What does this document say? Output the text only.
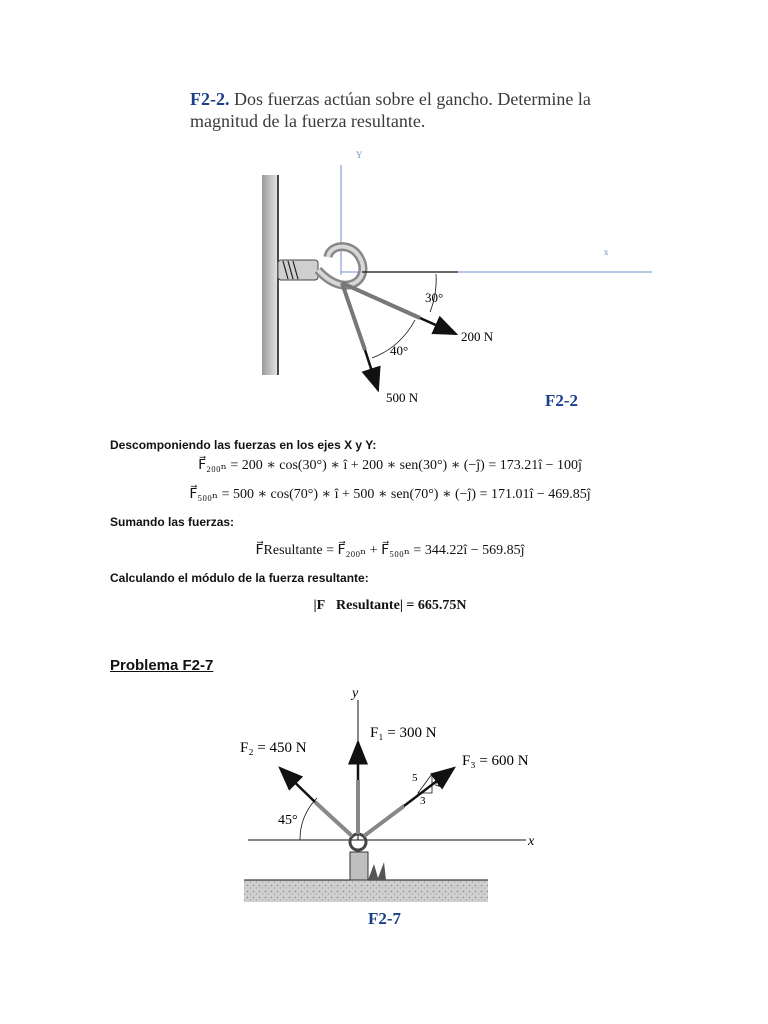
F2-2. Dos fuerzas actúan sobre el gancho. Determine la magnitud de la fuerza resultante.
Y
x
30°
40°
200 N
500 N	F2-2
Descomponiendo las fuerzas en los ejes X y Y:
F⃗₂₀₀ₙ = 200 ∗ cos(30°) ∗ î + 200 ∗ sen(30°) ∗ (−ĵ) = 173.21î − 100ĵ
F⃗₅₀₀ₙ = 500 ∗ cos(70°) ∗ î + 500 ∗ sen(70°) ∗ (−ĵ) = 171.01î − 469.85ĵ
Sumando las fuerzas:
F⃗Resultante = F⃗₂₀₀ₙ + F⃗₅₀₀ₙ = 344.22î − 569.85ĵ
Calculando el módulo de la fuerza resultante:
|F⃗Resultante| = 665.75N
Problema F2-7
y
x
45°
5 4
3
F₁ = 300 N
F₂ = 450 N
F₃ = 600 N
F2-7
